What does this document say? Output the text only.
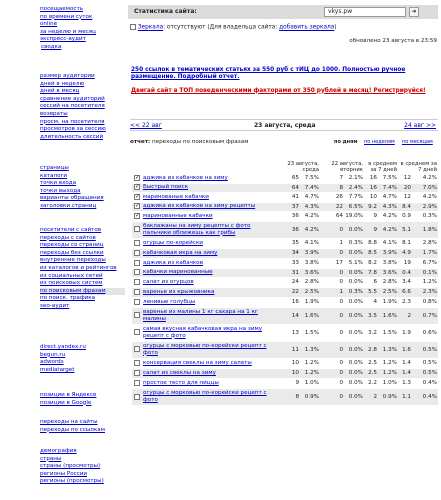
посещаемость
по времени суток
online
за неделю и месяц
экспресс-аудит
сводка
размер аудитории
дней в неделю
дней в месяц
сравнение аудиторий
сессий на посетителя
возвраты
просм. на посетителя
просмотров за сессию
длительность сессий
страницы
каталоги
точки входа
точки выхода
варианты обращения
заголовки страниц
посетители с сайтов
переходы с сайтов
переходы со страниц
переходы без ссылки
внутренние переходы
из каталогов и рейтингов
из социальных сетей
из поисковых систем
по поисковым фразам
по поиск. трафика
seo-аудит
direct.yandex.ru
begun.ru
adwords
mediatarget
позиции в Яндексе
позиции в Google
переходы на сайты
переходы по ссылкам
демография
страны
страны (просмотры)
регионы России
регионы (просмотры)
Статистика сайта:	vkys.pw	➜
Зеркала: отсутствуют (Для владельца сайта: добавить зеркала)
обновлено 23 августа в 23:59
250 ссылок в тематических статьях за 550 руб с тИЦ до 1000. Полностью ручное размещение. Подробный отчет.
Двигай сайт в ТОП поведенческими факторами от 350 рублей в месяц! Регистрируйся!
<< 22 авг	23 августа, среда	24 авг >>
отчет: переходы по поисковым фразам	по дням по неделям по месяцам
		23 августа, среда		22 августа, вторник		в среднем за 7 дней		в среднем за 7 дней	
✓	
аджика из кабачков на зиму	65	7.5%	7	2.1%	16	7.5%	12	4.2%
✓	
Быстрый поиск	64	7.4%	8	2.4%	16	7.4%	20	7.0%
✓	
маринованые кабачки	41	4.7%	26	7.7%	10	4.7%	12	4.2%
✓	
аджика из кабачков на зиму рецепты	37	4.3%	22	6.5%	9.2	4.3%	8.4	2.9%
✓	
маринованные кабачки	36	4.2%	64	19.0%	9	4.2%	0.9	0.3%

	баклажаны на зиму рецепты с фото пальчики оближешь как грибы	36	4.2%	0	0.0%	9	4.2%	5.1	1.8%

	огурцы по-корейски	35	4.1%	1	0.3%	8.8	4.1%	8.1	2.8%

	кабачковая икра на зиму	34	3.9%	0	0.0%	8.5	3.9%	4.9	1.7%

	аджика из кабачков	33	3.8%	17	5.1%	8.2	3.8%	19	6.7%

	кабачки маринованные	31	3.6%	0	0.0%	7.8	3.6%	0.4	0.1%

	салат из огурцов	24	2.8%	0	0.0%	6	2.8%	3.4	1.2%

	варенье из крыжовника	22	2.5%	1	0.3%	5.5	2.5%	6.6	2.3%

	ленивые голубцы	16	1.9%	0	0.0%	4	1.9%	2.3	0.8%

	варенье из малины 1 кг сахара на 1 кг малины	14	1.6%	0	0.0%	3.5	1.6%	2	0.7%

	самая вкусная кабачковая икра на зиму рецепт с фото	13	1.5%	0	0.0%	3.2	1.5%	1.9	0.6%

	огурцы с морковью по-корейски рецепт с фото	11	1.3%	0	0.0%	2.8	1.3%	1.6	0.5%

	консервация свеклы на зиму салаты	10	1.2%	0	0.0%	2.5	1.2%	1.4	0.5%

	салат из свеклы на зиму	10	1.2%	0	0.0%	2.5	1.2%	1.4	0.5%

	простое тесто для пиццы	9	1.0%	0	0.0%	2.2	1.0%	1.3	0.4%

	огурцы с морковью по-корейски рецепт с фото	8	0.9%	0	0.0%	2	0.9%	1.1	0.4%
